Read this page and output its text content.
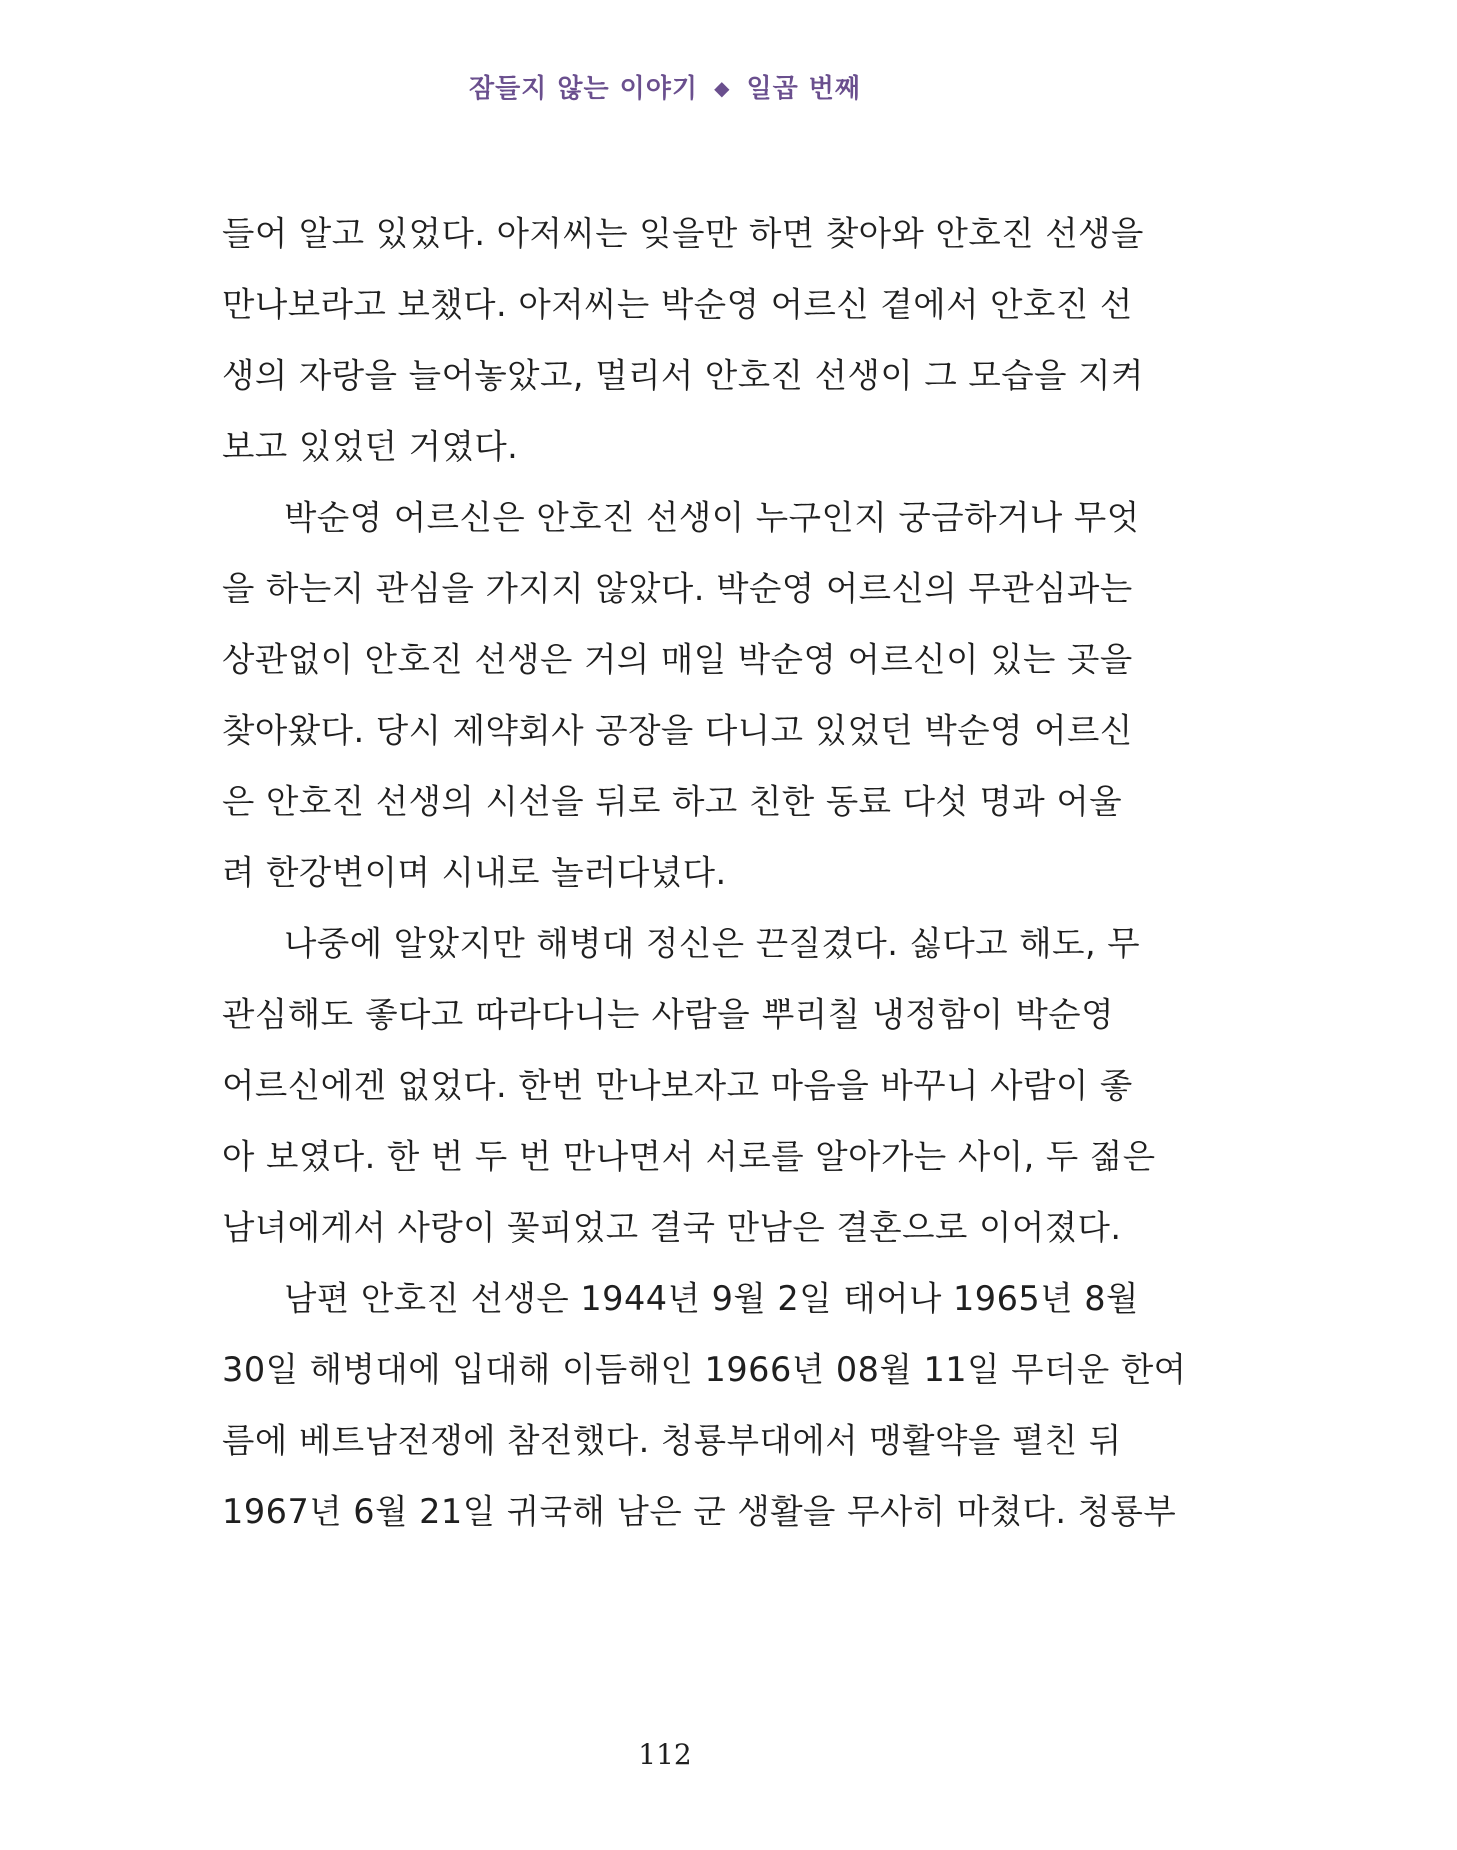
잠들지 않는 이야기 ◆ 일곱 번째
들어 알고 있었다. 아저씨는 잊을만 하면 찾아와 안호진 선생을
만나보라고 보챘다. 아저씨는 박순영 어르신 곁에서 안호진 선
생의 자랑을 늘어놓았고, 멀리서 안호진 선생이 그 모습을 지켜
보고 있었던 거였다.
박순영 어르신은 안호진 선생이 누구인지 궁금하거나 무엇
을 하는지 관심을 가지지 않았다. 박순영 어르신의 무관심과는
상관없이 안호진 선생은 거의 매일 박순영 어르신이 있는 곳을
찾아왔다. 당시 제약회사 공장을 다니고 있었던 박순영 어르신
은 안호진 선생의 시선을 뒤로 하고 친한 동료 다섯 명과 어울
려 한강변이며 시내로 놀러다녔다.
나중에 알았지만 해병대 정신은 끈질겼다. 싫다고 해도, 무
관심해도 좋다고 따라다니는 사람을 뿌리칠 냉정함이 박순영
어르신에겐 없었다. 한번 만나보자고 마음을 바꾸니 사람이 좋
아 보였다. 한 번 두 번 만나면서 서로를 알아가는 사이, 두 젊은
남녀에게서 사랑이 꽃피었고 결국 만남은 결혼으로 이어졌다.
남편 안호진 선생은 1944년 9월 2일 태어나 1965년 8월
30일 해병대에 입대해 이듬해인 1966년 08월 11일 무더운 한여
름에 베트남전쟁에 참전했다. 청룡부대에서 맹활약을 펼친 뒤
1967년 6월 21일 귀국해 남은 군 생활을 무사히 마쳤다. 청룡부
112
